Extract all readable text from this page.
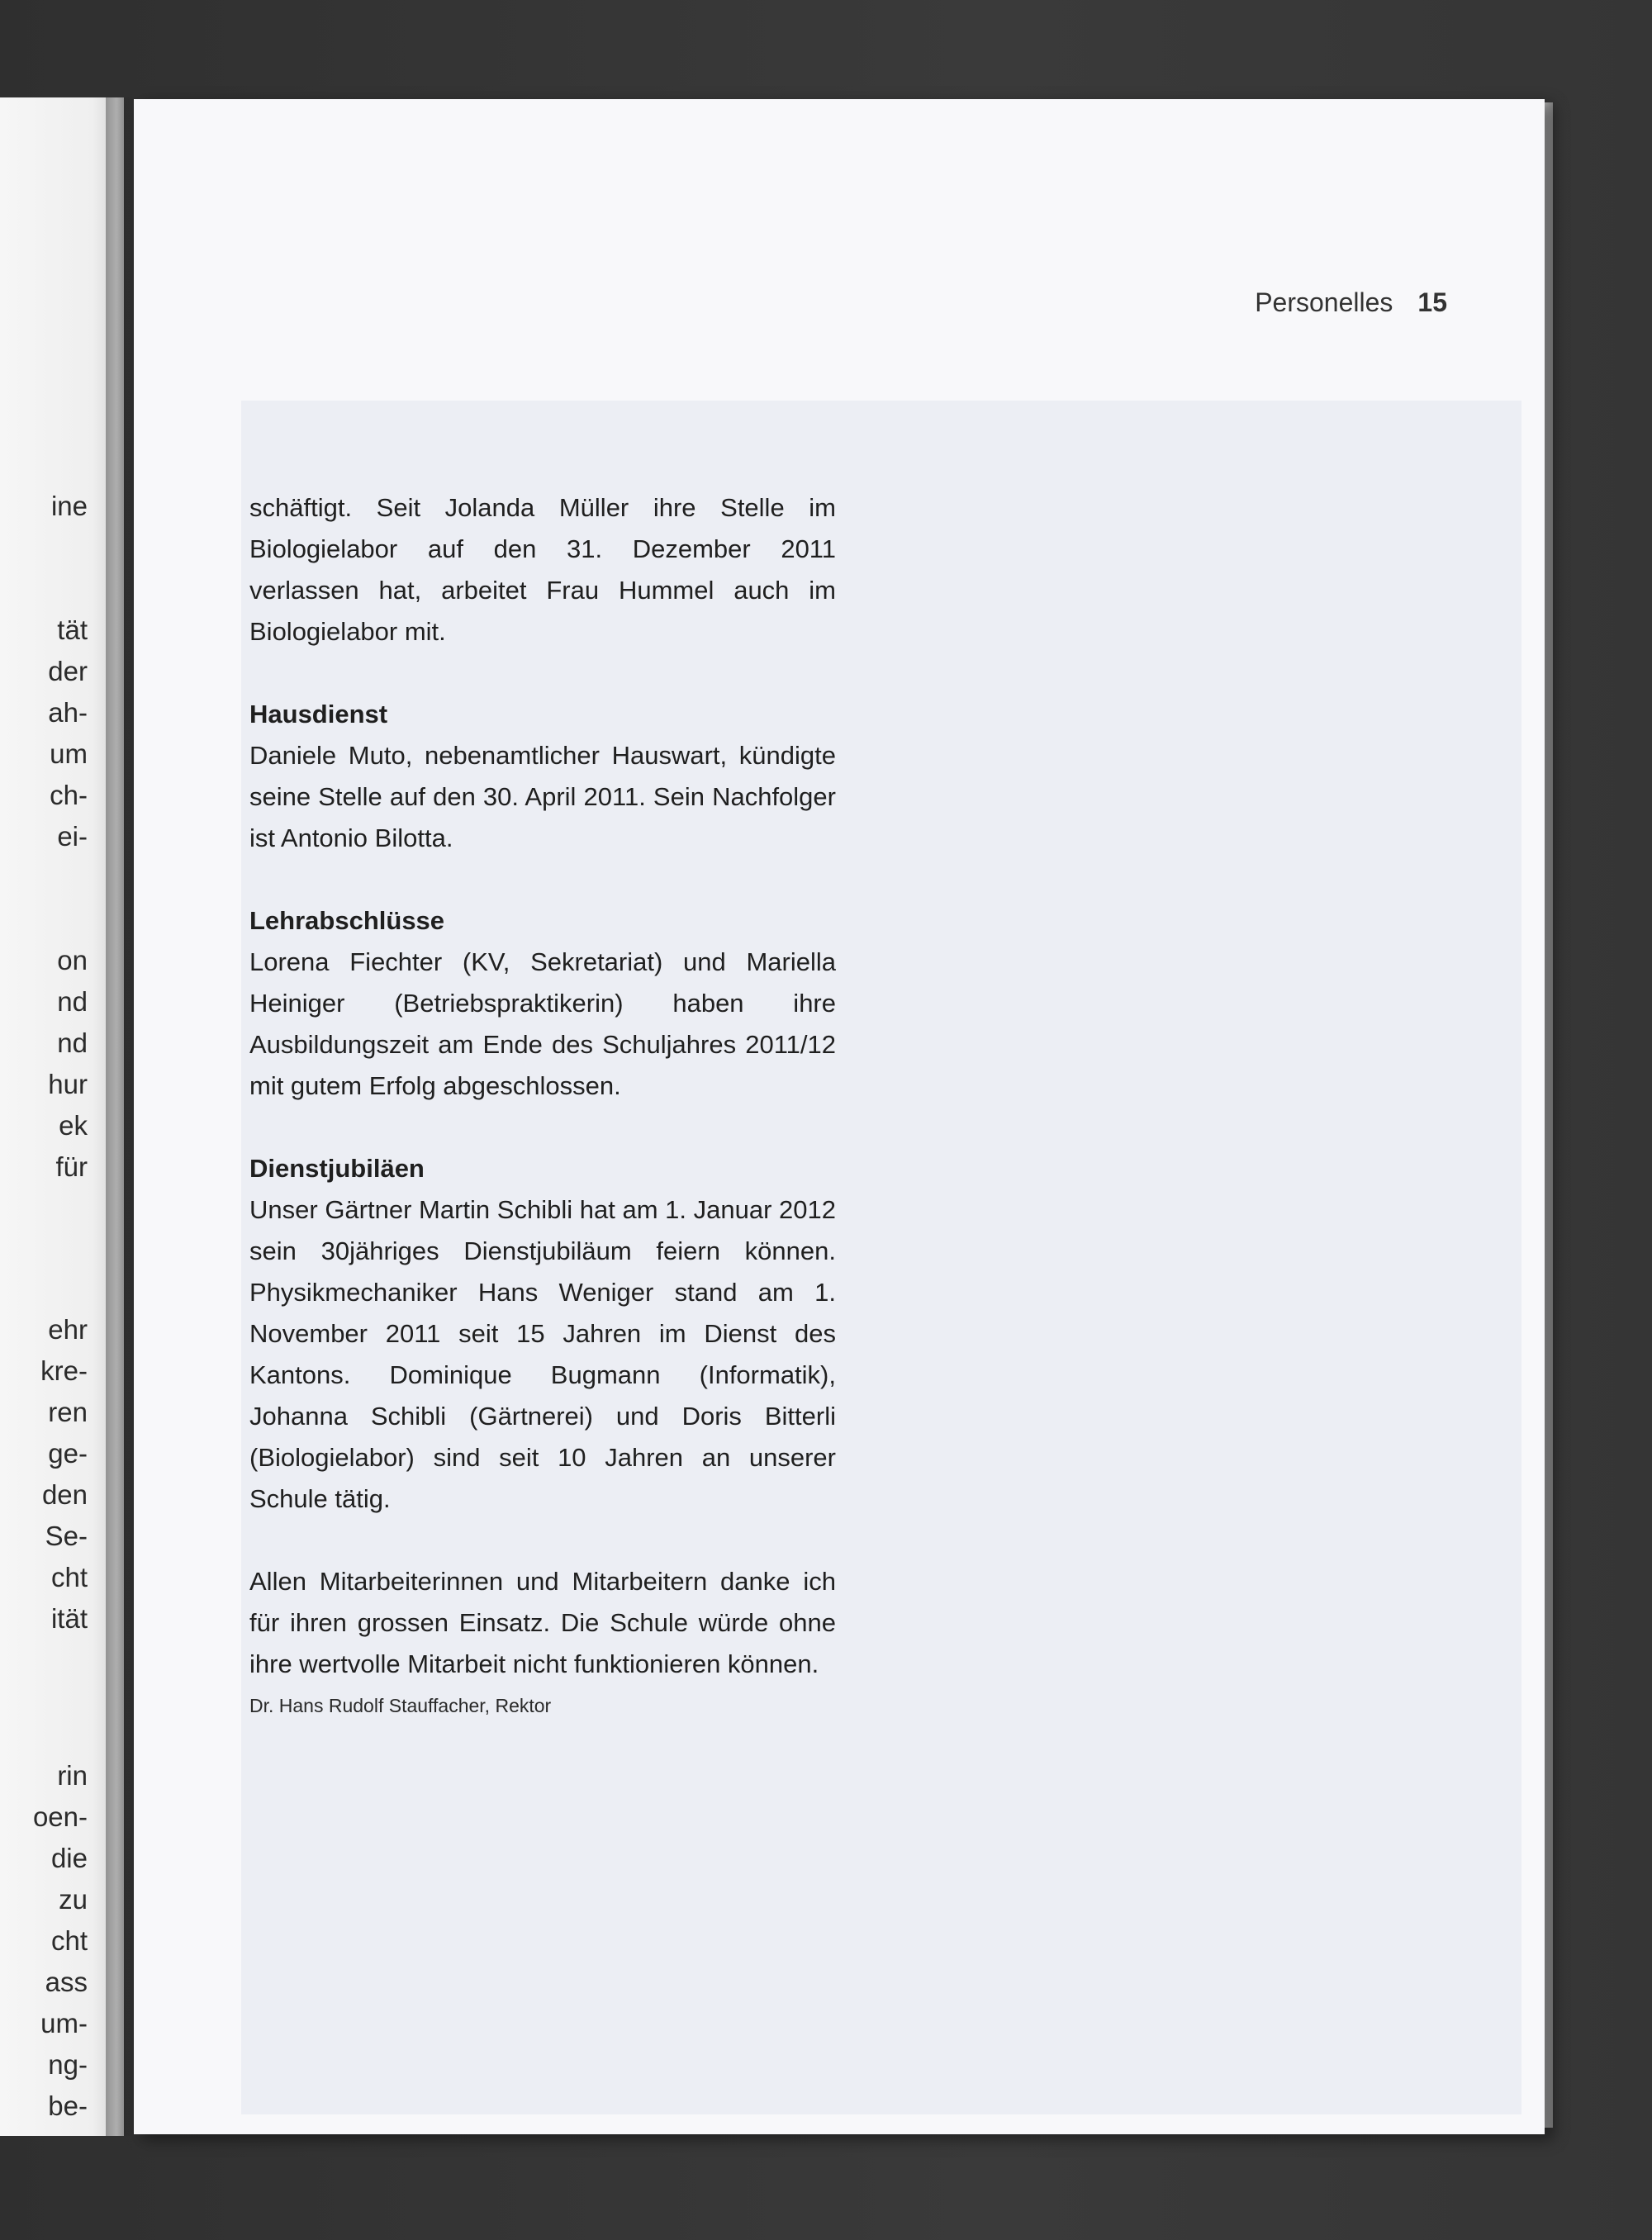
ine
tät
der
ah-
um
ch-
ei-
on
nd
nd
hur
ek
für
ehr
kre-
ren
ge-
den
Se-
cht
ität
rin
oen-
die
zu
cht
ass
um-
ng-
be-
Personelles 15

schäftigt. Seit Jolanda Müller ihre Stelle im Biologielabor auf den 31. Dezember 2011 verlassen hat, arbeitet Frau Hummel auch im Biologielabor mit.

Hausdienst

Daniele Muto, nebenamtlicher Hauswart, kündigte seine Stelle auf den 30. April 2011. Sein Nachfolger ist Antonio Bilotta.

Lehrabschlüsse

Lorena Fiechter (KV, Sekretariat) und Mariella Heiniger (Betriebspraktikerin) haben ihre Ausbildungszeit am Ende des Schuljahres 2011/12 mit gutem Erfolg abgeschlossen.

Dienstjubiläen

Unser Gärtner Martin Schibli hat am 1. Januar 2012 sein 30jähriges Dienstjubiläum feiern können. Physikmechaniker Hans Weniger stand am 1. November 2011 seit 15 Jahren im Dienst des Kantons. Dominique Bugmann (Informatik), Johanna Schibli (Gärtnerei) und Doris Bitterli (Biologielabor) sind seit 10 Jahren an unserer Schule tätig.

Allen Mitarbeiterinnen und Mitarbeitern danke ich für ihren grossen Einsatz. Die Schule würde ohne ihre wertvolle Mitarbeit nicht funktionieren können.

Dr. Hans Rudolf Stauffacher, Rektor
